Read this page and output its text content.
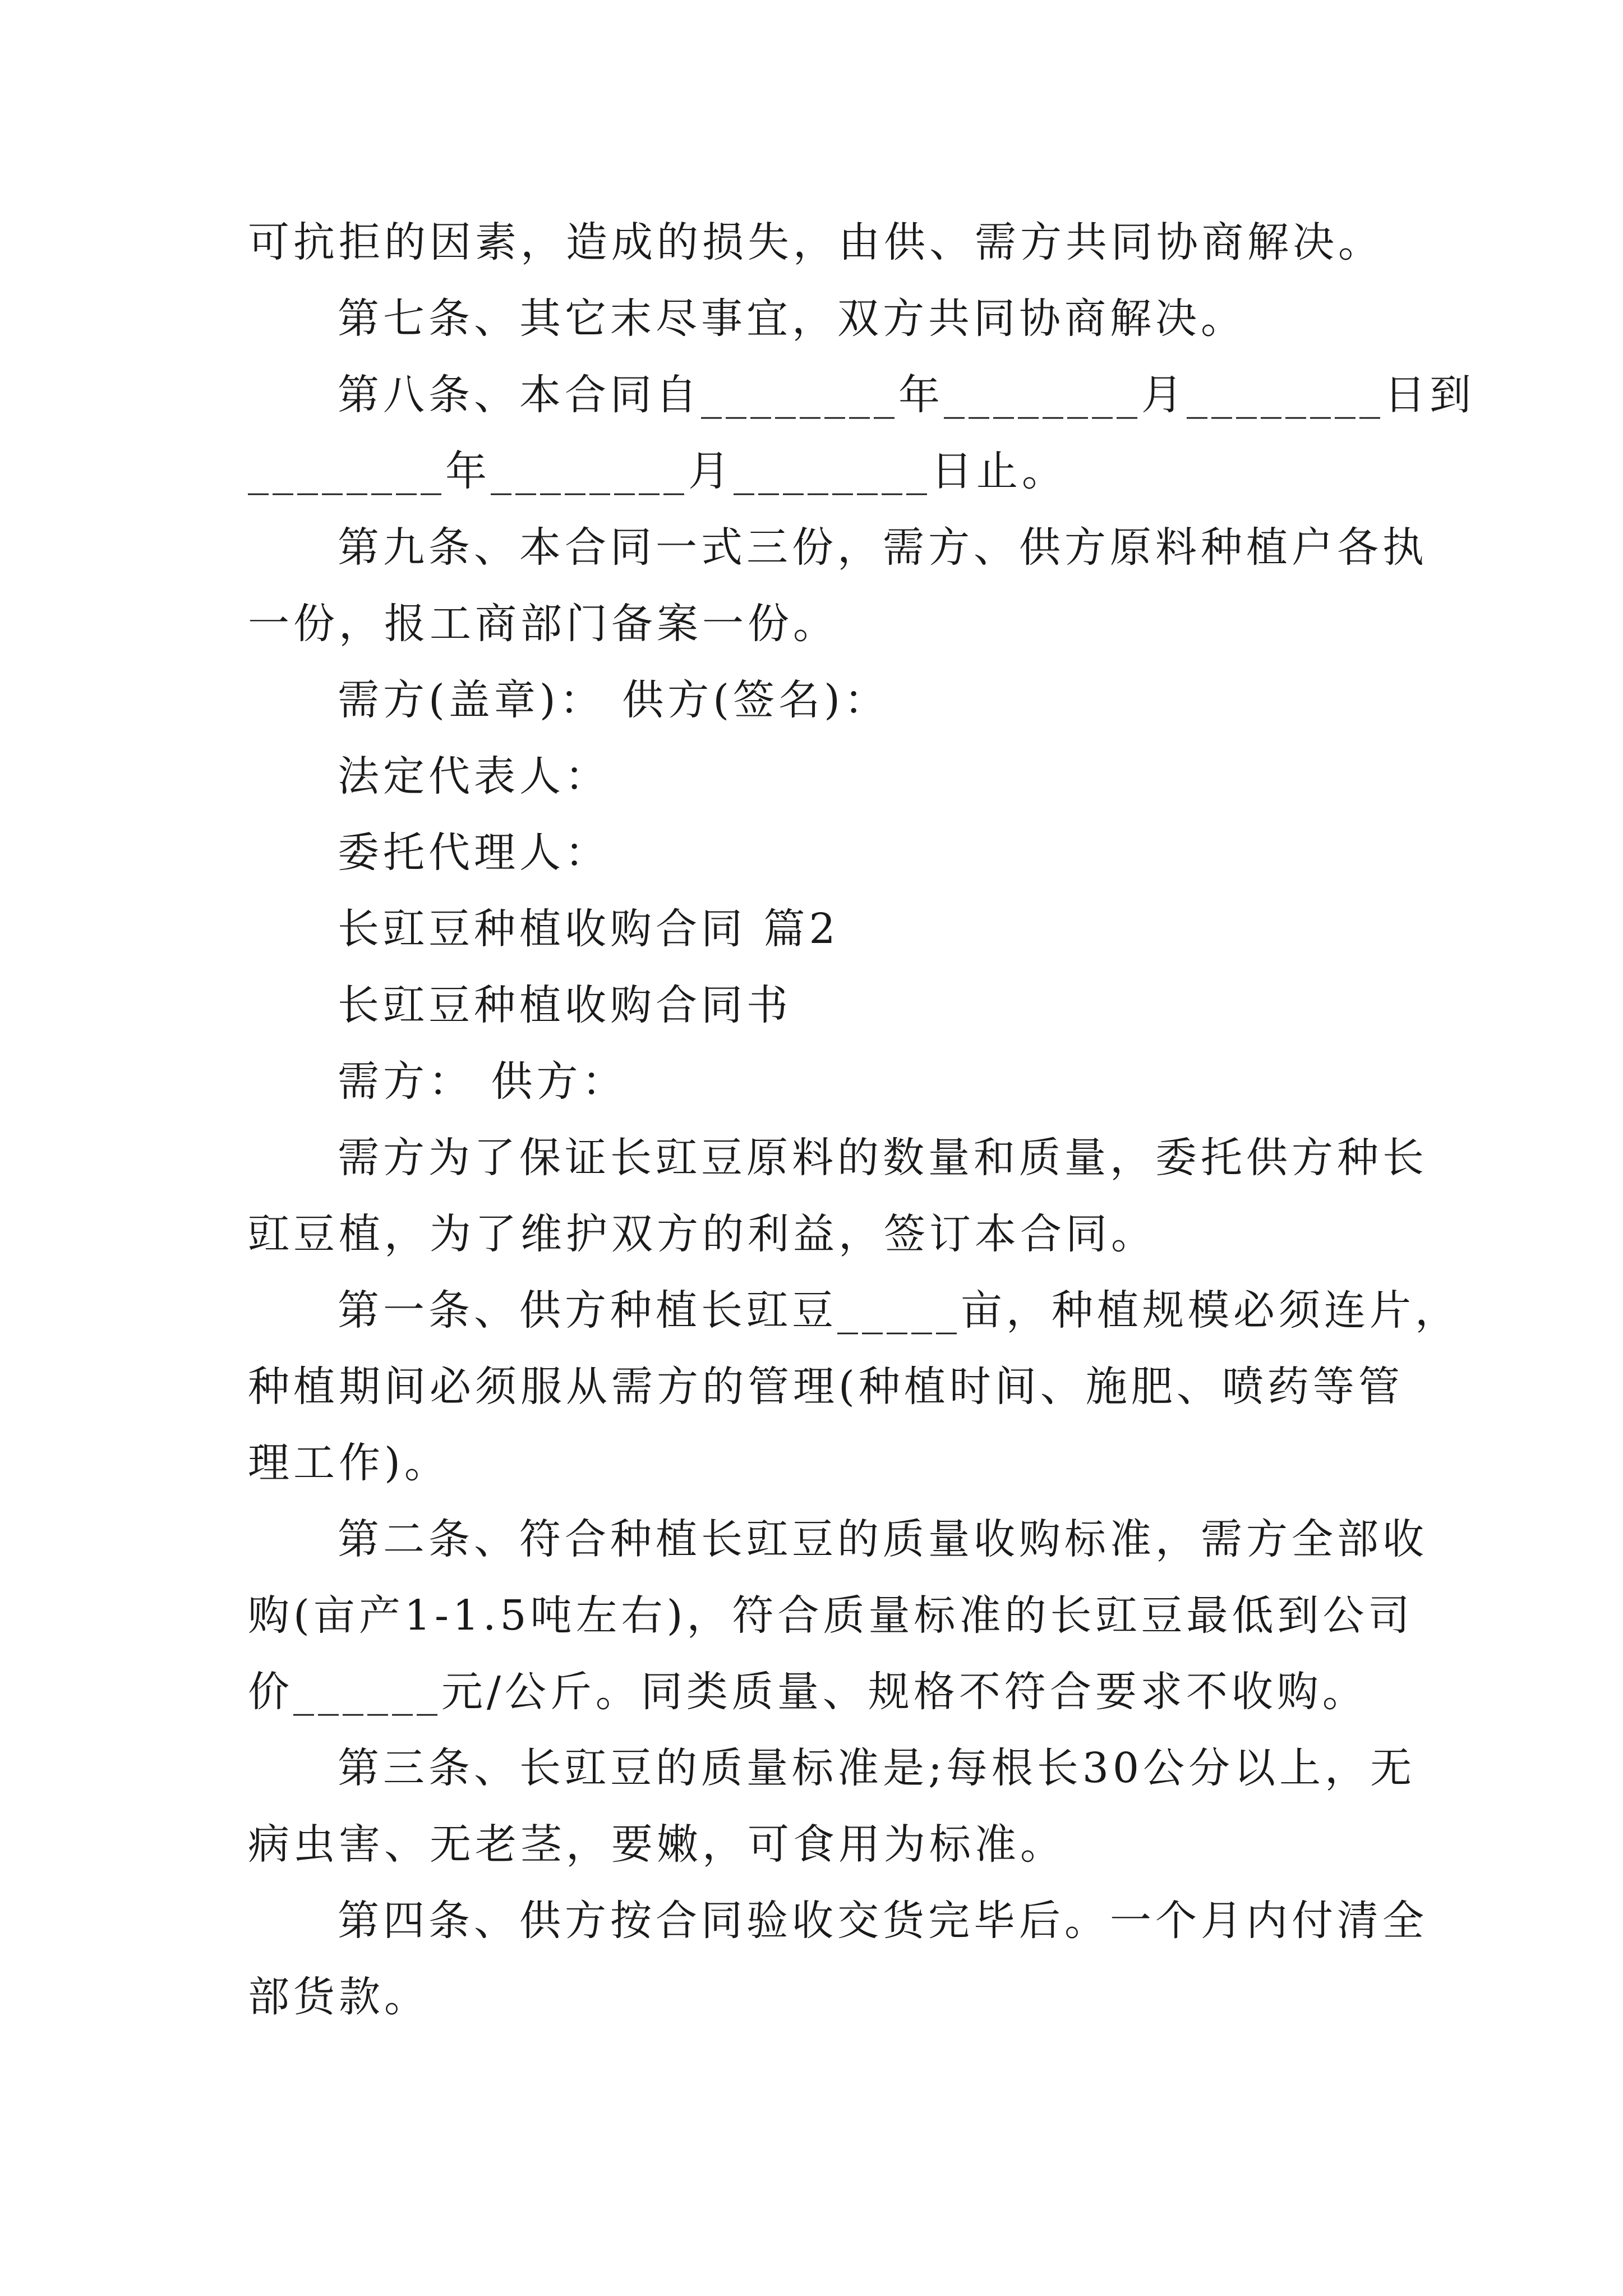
可抗拒的因素，造成的损失，由供、需方共同协商解决。

第七条、其它末尽事宜，双方共同协商解决。

第八条、本合同自________年________月________日到

________年________月________日止。

第九条、本合同一式三份，需方、供方原料种植户各执

一份，报工商部门备案一份。

需方(盖章)： 供方(签名)：

法定代表人：

委托代理人：

长豇豆种植收购合同 篇2

长豇豆种植收购合同书

需方： 供方：

需方为了保证长豇豆原料的数量和质量，委托供方种长

豇豆植，为了维护双方的利益，签订本合同。

第一条、供方种植长豇豆_____亩，种植规模必须连片，

种植期间必须服从需方的管理(种植时间、施肥、喷药等管

理工作)。

第二条、符合种植长豇豆的质量收购标准，需方全部收

购(亩产1-1.5吨左右)，符合质量标准的长豇豆最低到公司

价______元/公斤。同类质量、规格不符合要求不收购。

第三条、长豇豆的质量标准是;每根长30公分以上，无

病虫害、无老茎，要嫩，可食用为标准。

第四条、供方按合同验收交货完毕后。一个月内付清全

部货款。
